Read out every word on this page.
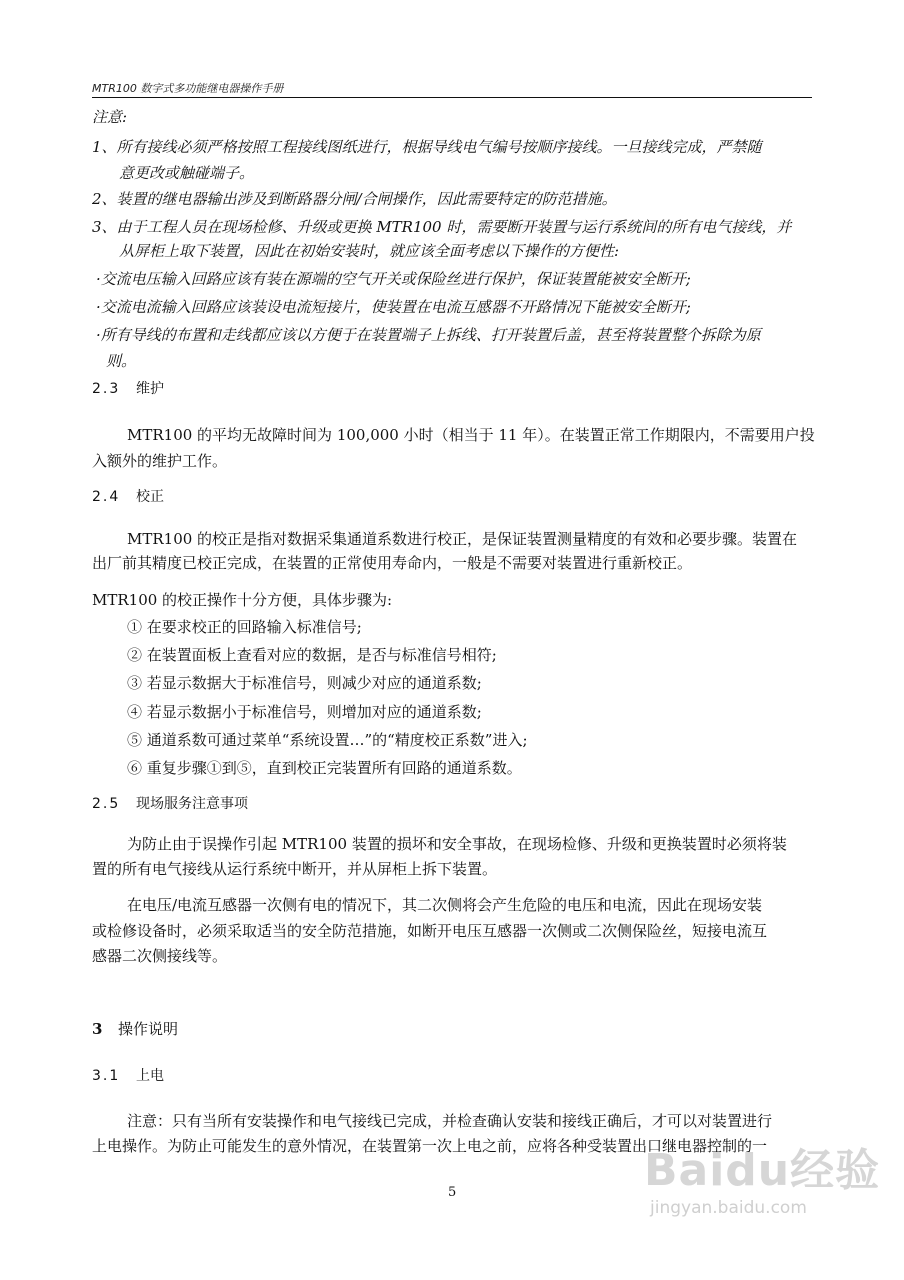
MTR100 数字式多功能继电器操作手册
注意:
1、所有接线必须严格按照工程接线图纸进行，根据导线电气编号按顺序接线。一旦接线完成，严禁随
意更改或触碰端子。
2、装置的继电器输出涉及到断路器分闸/合闸操作，因此需要特定的防范措施。
3、由于工程人员在现场检修、升级或更换 MTR100 时，需要断开装置与运行系统间的所有电气接线，并
从屏柜上取下装置，因此在初始安装时，就应该全面考虑以下操作的方便性:
·交流电压输入回路应该有装在源端的空气开关或保险丝进行保护，保证装置能被安全断开;
·交流电流输入回路应该装设电流短接片，使装置在电流互感器不开路情况下能被安全断开;
·所有导线的布置和走线都应该以方便于在装置端子上拆线、打开装置后盖，甚至将装置整个拆除为原
则。
2.3 维护
MTR100 的平均无故障时间为 100,000 小时（相当于 11 年）。在装置正常工作期限内，不需要用户投
入额外的维护工作。
2.4 校正
MTR100 的校正是指对数据采集通道系数进行校正，是保证装置测量精度的有效和必要步骤。装置在
出厂前其精度已校正完成，在装置的正常使用寿命内，一般是不需要对装置进行重新校正。
MTR100 的校正操作十分方便，具体步骤为:
① 在要求校正的回路输入标准信号;
② 在装置面板上查看对应的数据，是否与标准信号相符;
③ 若显示数据大于标准信号，则减少对应的通道系数;
④ 若显示数据小于标准信号，则增加对应的通道系数;
⑤ 通道系数可通过菜单“系统设置…”的“精度校正系数”进入;
⑥ 重复步骤①到⑤，直到校正完装置所有回路的通道系数。
2.5 现场服务注意事项
为防止由于误操作引起 MTR100 装置的损坏和安全事故，在现场检修、升级和更换装置时必须将装
置的所有电气接线从运行系统中断开，并从屏柜上拆下装置。
在电压/电流互感器一次侧有电的情况下，其二次侧将会产生危险的电压和电流，因此在现场安装
或检修设备时，必须采取适当的安全防范措施，如断开电压互感器一次侧或二次侧保险丝，短接电流互
感器二次侧接线等。
3 操作说明
3.1 上电
注意：只有当所有安装操作和电气接线已完成，并检查确认安装和接线正确后，才可以对装置进行
上电操作。为防止可能发生的意外情况，在装置第一次上电之前，应将各种受装置出口继电器控制的一
5	Baidu经验
jingyan.baidu.com
